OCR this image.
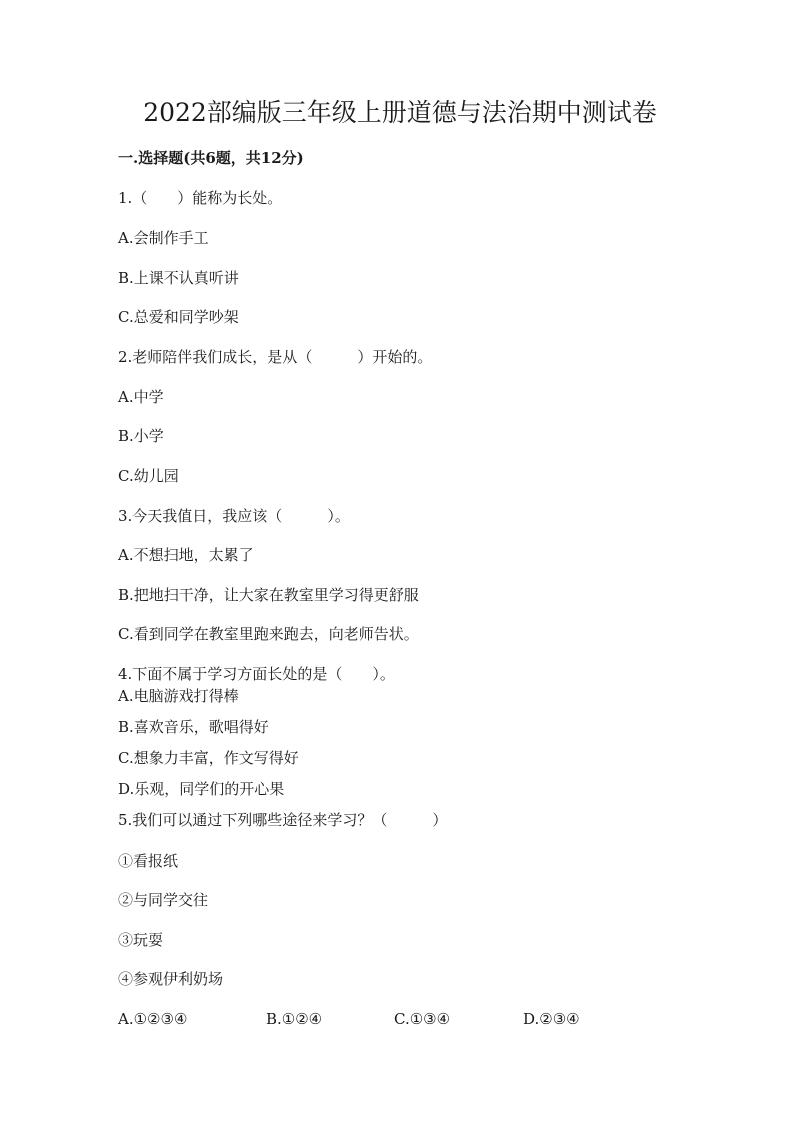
2022部编版三年级上册道德与法治期中测试卷
一.选择题(共6题，共12分)
1.（　　）能称为长处。
A.会制作手工
B.上课不认真听讲
C.总爱和同学吵架
2.老师陪伴我们成长，是从（　　　）开始的。
A.中学
B.小学
C.幼儿园
3.今天我值日，我应该（　　　）。
A.不想扫地，太累了
B.把地扫干净，让大家在教室里学习得更舒服
C.看到同学在教室里跑来跑去，向老师告状。
4.下面不属于学习方面长处的是（　　）。
A.电脑游戏打得棒
B.喜欢音乐，歌唱得好
C.想象力丰富，作文写得好
D.乐观，同学们的开心果
5.我们可以通过下列哪些途径来学习？（　　　）
①看报纸
②与同学交往
③玩耍
④参观伊利奶场
A.①②③④	B.①②④	C.①③④	D.②③④
